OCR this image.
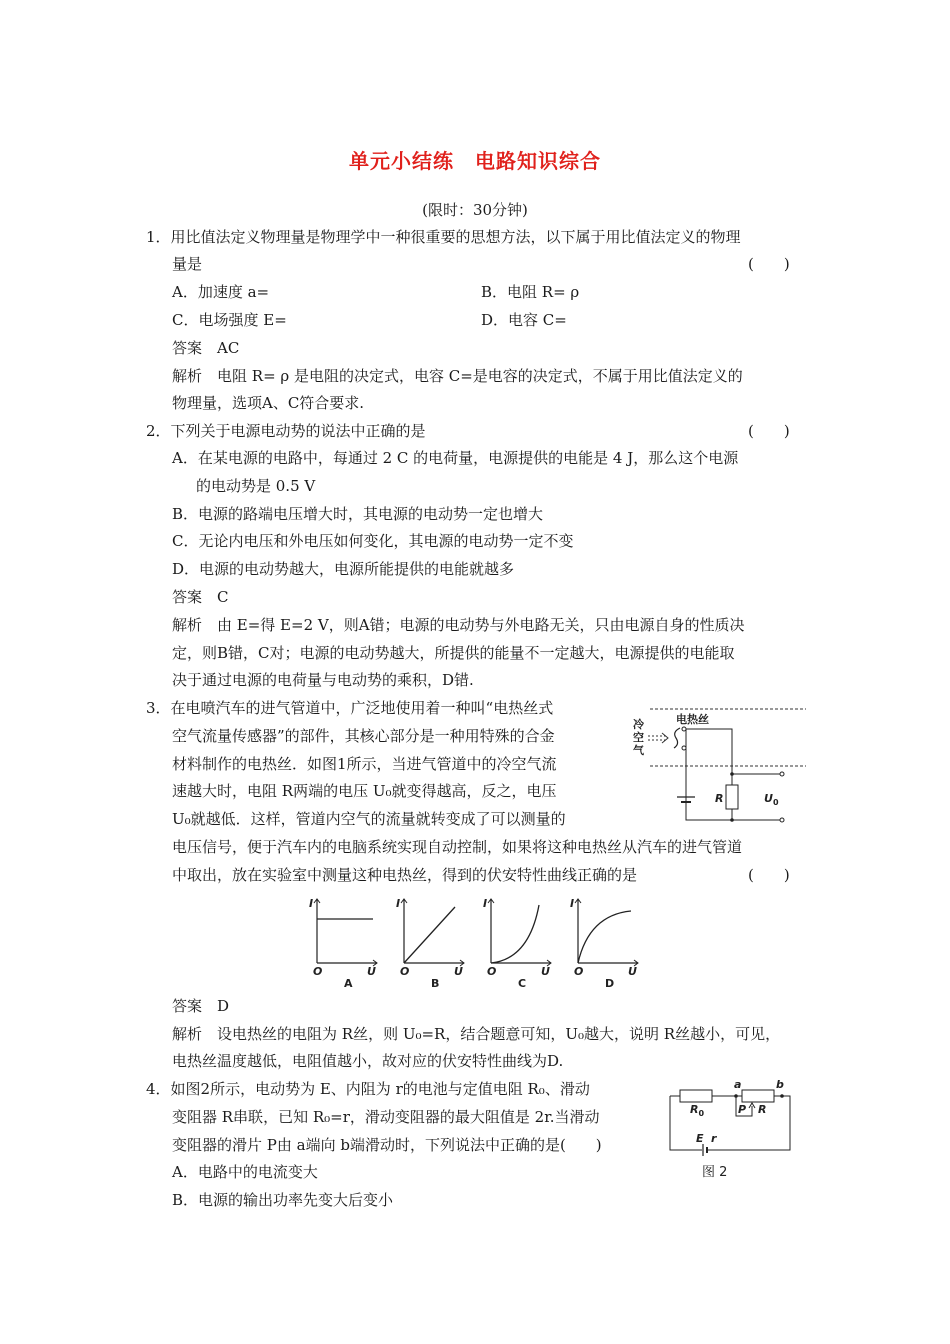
单元小结练　电路知识综合
(限时：30分钟)
1．用比值法定义物理量是物理学中一种很重要的思想方法，以下属于用比值法定义的物理
量是	(　　)
A．加速度 a=	B．电阻 R= ρ
C．电场强度 E=	D．电容 C=
答案　AC
解析　电阻 R= ρ 是电阻的决定式，电容 C=是电容的决定式，不属于用比值法定义的
物理量，选项A、C符合要求.
2．下列关于电源电动势的说法中正确的是	(　　)
A．在某电源的电路中，每通过 2 C 的电荷量，电源提供的电能是 4 J，那么这个电源
的电动势是 0.5 V
B．电源的路端电压增大时，其电源的电动势一定也增大
C．无论内电压和外电压如何变化，其电源的电动势一定不变
D．电源的电动势越大，电源所能提供的电能就越多
答案　C
解析　由 E=得 E=2 V，则A错；电源的电动势与外电路无关，只由电源自身的性质决
定，则B错，C对；电源的电动势越大，所提供的能量不一定越大，电源提供的电能取
决于通过电源的电荷量与电动势的乘积，D错.
3．在电喷汽车的进气管道中，广泛地使用着一种叫“电热丝式
空气流量传感器”的部件，其核心部分是一种用特殊的合金
材料制作的电热丝．如图1所示，当进气管道中的冷空气流
速越大时，电阻 R两端的电压 U₀就变得越高，反之，电压
U₀就越低．这样，管道内空气的流量就转变成了可以测量的
电压信号，便于汽车内的电脑系统实现自动控制，如果将这种电热丝从汽车的进气管道
中取出，放在实验室中测量这种电热丝，得到的伏安特性曲线正确的是	(　　)
电热丝
冷空气
R	$U_0$
I
O	U
A
I
O	U
B
I
O	U
C
I
O	U
D
答案　D
解析　设电热丝的电阻为 R丝，则 U₀=R，结合题意可知，U₀越大，说明 R丝越小，可见，
电热丝温度越低，电阻值越小，故对应的伏安特性曲线为D.
4．如图2所示，电动势为 E、内阻为 r的电池与定值电阻 R₀、滑动
变阻器 R串联，已知 R₀=r，滑动变阻器的最大阻值是 2r.当滑动
变阻器的滑片 P由 a端向 b端滑动时，下列说法中正确的是(　　)
A．电路中的电流变大
B．电源的输出功率先变大后变小
a	b
$R_0$	P R
E r
图 2
